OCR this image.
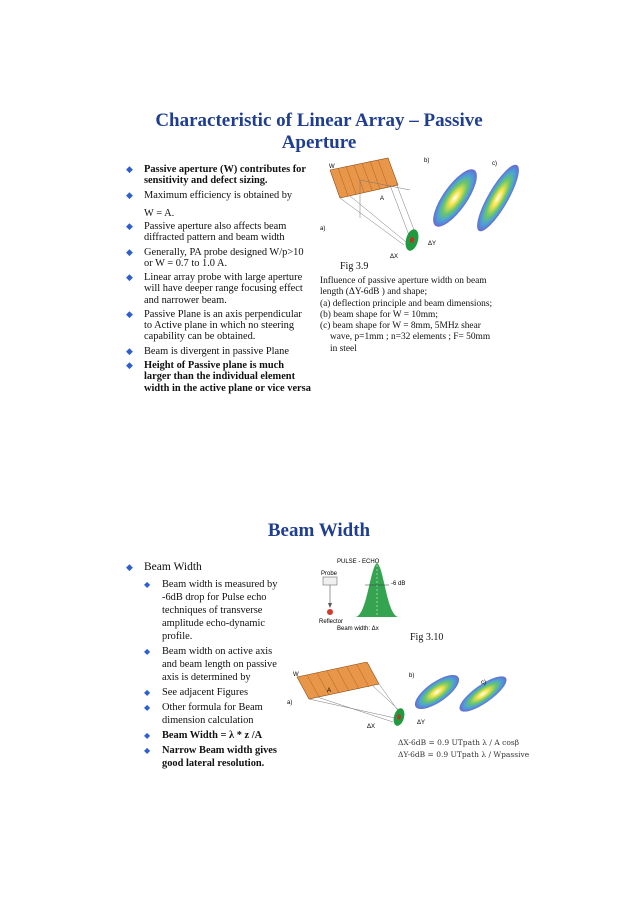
Characteristic of Linear Array – Passive Aperture
◆ Passive aperture (W) contributes for sensitivity and defect sizing.
◆ Maximum efficiency is obtained by
W = A.
◆ Passive aperture also affects beam diffracted pattern and beam width
◆ Generally, PA probe designed W/p>10 or W = 0.7 to 1.0 A.
◆ Linear array probe with large aperture will have deeper range focusing effect and narrower beam.
◆ Passive Plane is an axis perpendicular to Active plane in which no steering capability can be obtained.
◆ Beam is divergent in passive Plane
◆ Height of Passive plane is much larger than the individual element width in the active plane or vice versa
a)
b)	c)
W
A
ΔX
ΔY
Fig 3.9
Influence of passive aperture width on beam
length (ΔY-6dB ) and shape;
(a) deflection principle and beam dimensions;
(b) beam shape for W = 10mm;
(c) beam shape for W = 8mm, 5MHz shear
wave, p=1mm ; n=32 elements ; F= 50mm
in steel
Beam Width
◆ Beam Width
◆ Beam width is measured by -6dB drop for Pulse echo techniques of transverse amplitude echo-dynamic profile.
◆ Beam width on active axis and beam length on passive axis is determined by
◆ See adjacent Figures
◆ Other formula for Beam dimension calculation
◆ Beam Width = λ * z /A
◆ Narrow Beam width gives good lateral resolution.
PULSE - ECHO
Probe
Reflector
-6 dB
Beam width: Δx
Fig 3.10
a)
b)
c)
W
A
ΔX
ΔY
ΔX-6dB = 0.9 UTpath λ / A cosβ
ΔY-6dB = 0.9 UTpath λ / Wpassive
